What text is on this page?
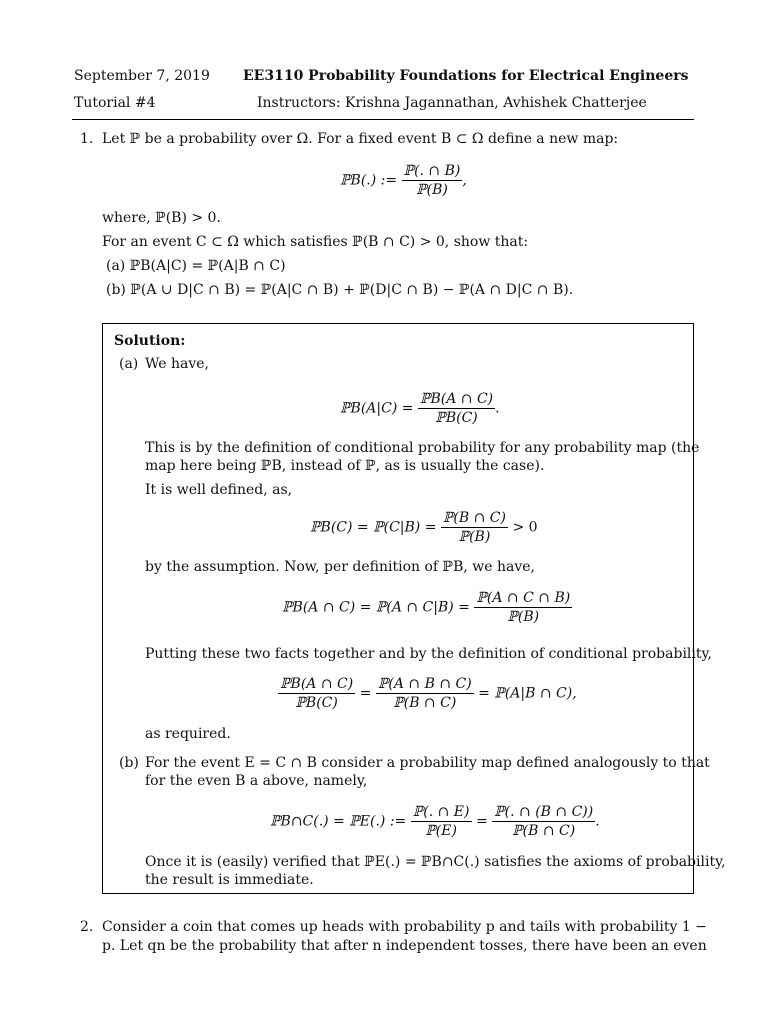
September 7, 2019 EE3110 Probability Foundations for Electrical Engineers
Tutorial #4	Instructors: Krishna Jagannathan, Avhishek Chatterjee
1. Let ℙ be a probability over Ω. For a fixed event B ⊂ Ω define a new map:
ℙB(.) := $\frac{\text{ℙ(. ∩ B)}}{\text{ℙ(B)}}$ ,
where, ℙ(B) > 0.
For an event C ⊂ Ω which satisfies ℙ(B ∩ C) > 0, show that:
(a) ℙB(A|C) = ℙ(A|B ∩ C)
(b) ℙ(A ∪ D|C ∩ B) = ℙ(A|C ∩ B) + ℙ(D|C ∩ B) − ℙ(A ∩ D|C ∩ B).
Solution:
(a) We have,
ℙB(A|C) = $\frac{\text{ℙB(A ∩ C)}}{\text{ℙB(C)}}$ .
This is by the definition of conditional probability for any probability map (the
map here being ℙB, instead of ℙ, as is usually the case).
It is well defined, as,
ℙB(C) = ℙ(C|B) = $\frac{\text{ℙ(B ∩ C)}}{\text{ℙ(B)}} > 0$
by the assumption. Now, per definition of ℙB, we have,
ℙB(A ∩ C) = ℙ(A ∩ $C|B) = \frac{\text{ℙ(A ∩ C ∩ B)}}{\text{ℙ(B)}}$
Putting these two facts together and by the definition of conditional probability,
$\frac{\text{ℙB(A ∩ C)}}{\text{ℙB(C)}} = \frac{\text{ℙ(A ∩ B ∩ C)}}{\text{ℙ(B ∩ C)}}$ = ℙ(A|B ∩ C),
as required.
(b) For the event E = C ∩ B consider a probability map defined analogously to that
for the even B a above, namely,
ℙB∩C(.) = ℙE(.) := $\frac{\text{ℙ(. ∩ E)}}{\text{ℙ(E)}} = \frac{\text{ℙ(. ∩ (B ∩ C))}}{\text{ℙ(B ∩ C)}}$ .
Once it is (easily) verified that ℙE(.) = ℙB∩C(.) satisfies the axioms of probability,
the result is immediate.
2. Consider a coin that comes up heads with probability p and tails with probability 1 −
p. Let qn be the probability that after n independent tosses, there have been an even
